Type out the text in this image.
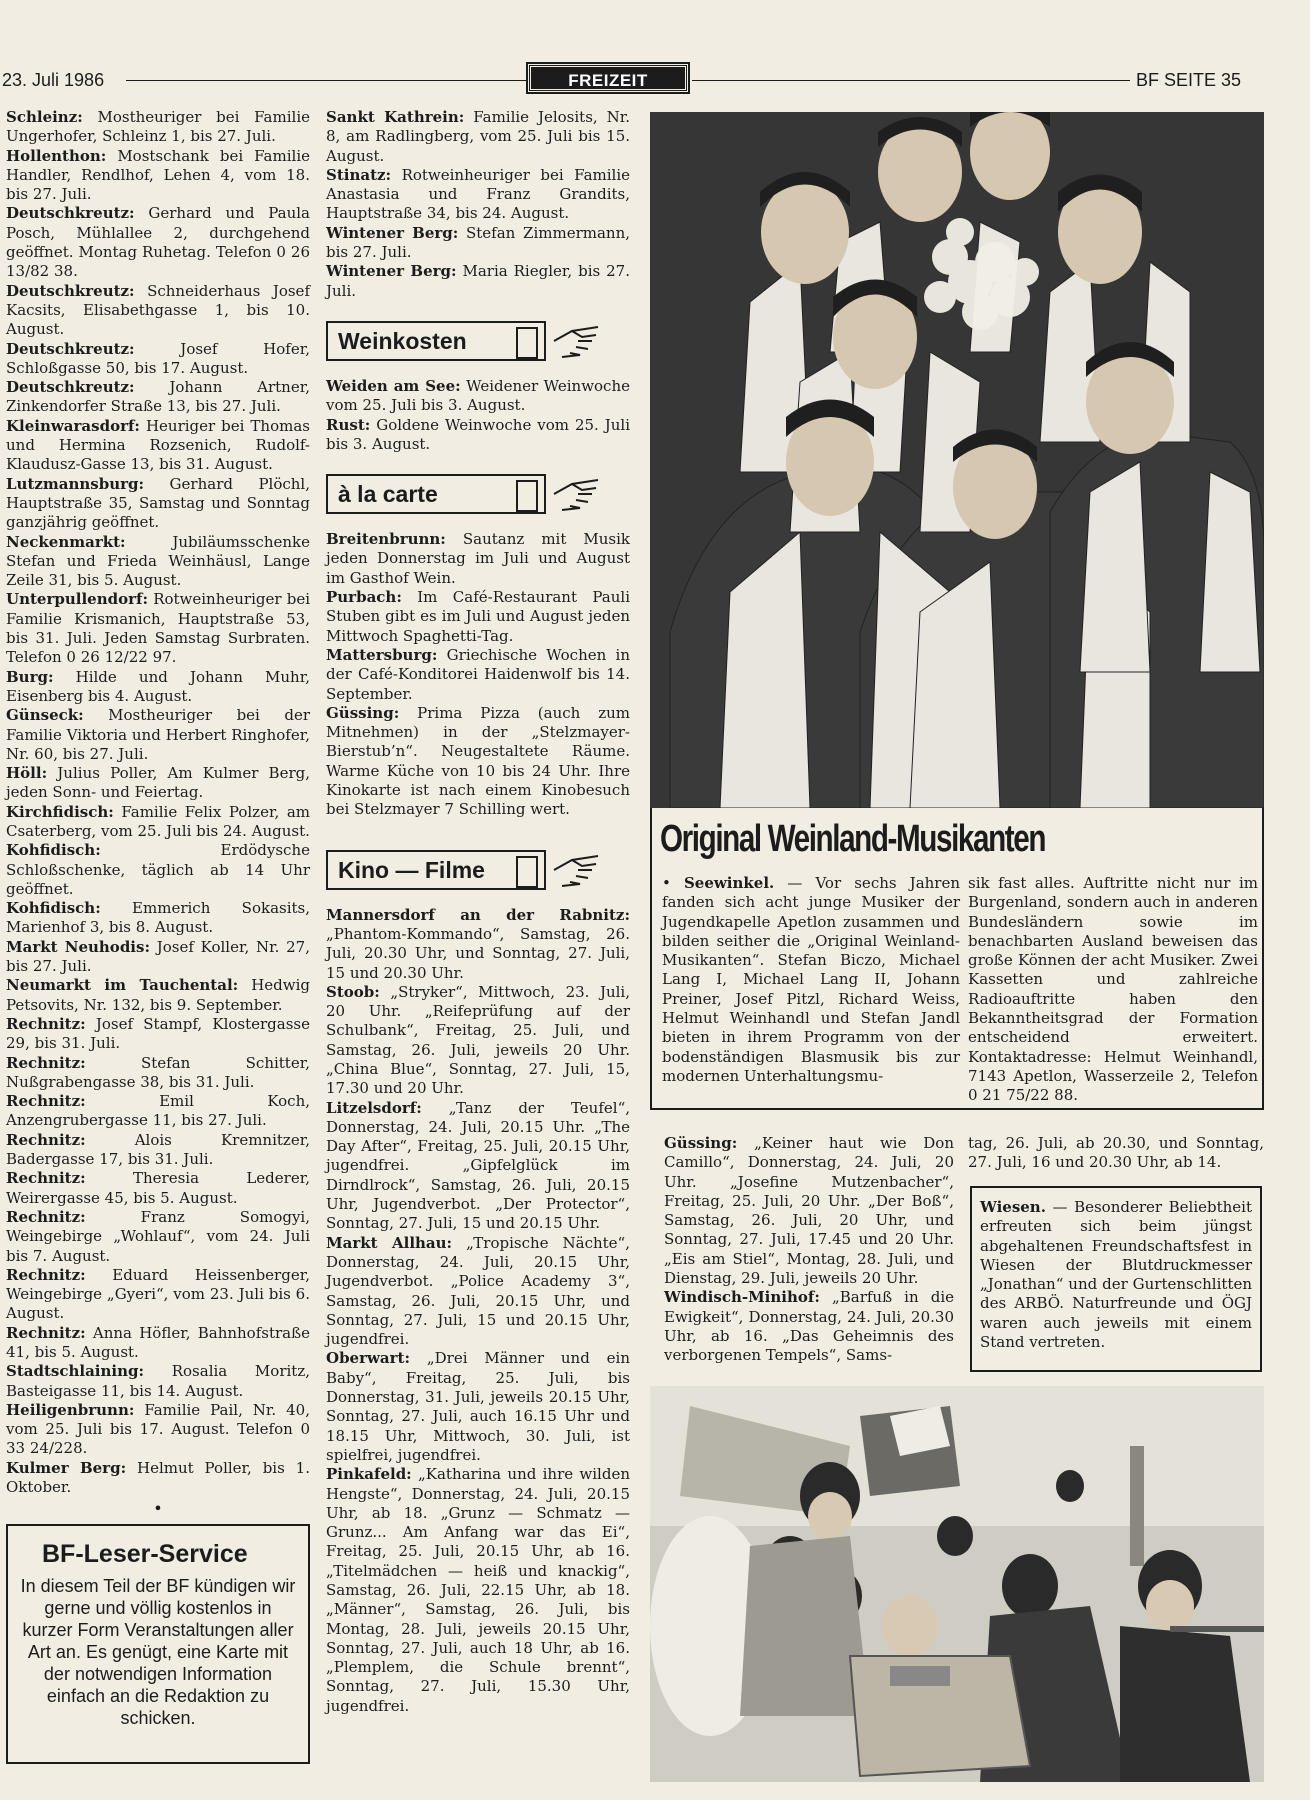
23. Juli 1986	FREIZEIT	BF SEITE 35

Schleinz: Mostheuriger bei Familie Ungerhofer, Schleinz 1, bis 27. Juli.

Hollenthon: Mostschank bei Familie Handler, Rendlhof, Lehen 4, vom 18. bis 27. Juli.

Deutschkreutz: Gerhard und Paula Posch, Mühlallee 2, durchgehend geöffnet. Montag Ruhetag. Telefon 0 26 13/82 38.

Deutschkreutz: Schneiderhaus Josef Kacsits, Elisabethgasse 1, bis 10. August.

Deutschkreutz: Josef Hofer, Schloßgasse 50, bis 17. August.

Deutschkreutz: Johann Artner, Zinkendorfer Straße 13, bis 27. Juli.

Kleinwarasdorf: Heuriger bei Thomas und Hermina Rozsenich, Rudolf-Klaudusz-Gasse 13, bis 31. August.

Lutzmannsburg: Gerhard Plöchl, Hauptstraße 35, Samstag und Sonntag ganzjährig geöffnet.

Neckenmarkt: Jubiläumsschenke Stefan und Frieda Weinhäusl, Lange Zeile 31, bis 5. August.

Unterpullendorf: Rotweinheuriger bei Familie Krismanich, Hauptstraße 53, bis 31. Juli. Jeden Samstag Surbraten. Telefon 0 26 12/22 97.

Burg: Hilde und Johann Muhr, Eisenberg bis 4. August.

Günseck: Mostheuriger bei der Familie Viktoria und Herbert Ringhofer, Nr. 60, bis 27. Juli.

Höll: Julius Poller, Am Kulmer Berg, jeden Sonn- und Feiertag.

Kirchfidisch: Familie Felix Polzer, am Csaterberg, vom 25. Juli bis 24. August.

Kohfidisch: Erdödysche Schloßschenke, täglich ab 14 Uhr geöffnet.

Kohfidisch: Emmerich Sokasits, Marienhof 3, bis 8. August.

Markt Neuhodis: Josef Koller, Nr. 27, bis 27. Juli.

Neumarkt im Tauchental: Hedwig Petsovits, Nr. 132, bis 9. September.

Rechnitz: Josef Stampf, Klostergasse 29, bis 31. Juli.

Rechnitz: Stefan Schitter, Nußgrabengasse 38, bis 31. Juli.

Rechnitz: Emil Koch, Anzengrubergasse 11, bis 27. Juli.

Rechnitz: Alois Kremnitzer, Badergasse 17, bis 31. Juli.

Rechnitz: Theresia Lederer, Weirergasse 45, bis 5. August.

Rechnitz: Franz Somogyi, Weingebirge „Wohlauf“, vom 24. Juli bis 7. August.

Rechnitz: Eduard Heissenberger, Weingebirge „Gyeri“, vom 23. Juli bis 6. August.

Rechnitz: Anna Höfler, Bahnhofstraße 41, bis 5. August.

Stadtschlaining: Rosalia Moritz, Basteigasse 11, bis 14. August.

Heiligenbrunn: Familie Pail, Nr. 40, vom 25. Juli bis 17. August. Telefon 0 33 24/228.

Kulmer Berg: Helmut Poller, bis 1. Oktober.

•
BF-Leser-Service
In diesem Teil der BF kündigen wir gerne und völlig kostenlos in kurzer Form Veranstaltungen aller Art an. Es genügt, eine Karte mit der notwendigen Information einfach an die Redaktion zu schicken.

Sankt Kathrein: Familie Jelosits, Nr. 8, am Radlingberg, vom 25. Juli bis 15. August.

Stinatz: Rotweinheuriger bei Familie Anastasia und Franz Grandits, Hauptstraße 34, bis 24. August.

Wintener Berg: Stefan Zimmermann, bis 27. Juli.

Wintener Berg: Maria Riegler, bis 27. Juli.

Weinkosten

Weiden am See: Weidener Weinwoche vom 25. Juli bis 3. August.

Rust: Goldene Weinwoche vom 25. Juli bis 3. August.

à la carte

Breitenbrunn: Sautanz mit Musik jeden Donnerstag im Juli und August im Gasthof Wein.

Purbach: Im Café-Restaurant Pauli Stuben gibt es im Juli und August jeden Mittwoch Spaghetti-Tag.

Mattersburg: Griechische Wochen in der Café-Konditorei Haidenwolf bis 14. September.

Güssing: Prima Pizza (auch zum Mitnehmen) in der „Stelzmayer-Bierstub’n“. Neugestaltete Räume. Warme Küche von 10 bis 24 Uhr. Ihre Kinokarte ist nach einem Kinobesuch bei Stelzmayer 7 Schilling wert.

Kino — Filme

Mannersdorf an der Rabnitz: „Phantom-Kommando“, Samstag, 26. Juli, 20.30 Uhr, und Sonntag, 27. Juli, 15 und 20.30 Uhr.

Stoob: „Stryker“, Mittwoch, 23. Juli, 20 Uhr. „Reifeprüfung auf der Schulbank“, Freitag, 25. Juli, und Samstag, 26. Juli, jeweils 20 Uhr. „China Blue“, Sonntag, 27. Juli, 15, 17.30 und 20 Uhr.

Litzelsdorf: „Tanz der Teufel“, Donnerstag, 24. Juli, 20.15 Uhr. „The Day After“, Freitag, 25. Juli, 20.15 Uhr, jugendfrei. „Gipfelglück im Dirndlrock“, Samstag, 26. Juli, 20.15 Uhr, Jugendverbot. „Der Protector“, Sonntag, 27. Juli, 15 und 20.15 Uhr.

Markt Allhau: „Tropische Nächte“, Donnerstag, 24. Juli, 20.15 Uhr, Jugendverbot. „Police Academy 3“, Samstag, 26. Juli, 20.15 Uhr, und Sonntag, 27. Juli, 15 und 20.15 Uhr, jugendfrei.

Oberwart: „Drei Männer und ein Baby“, Freitag, 25. Juli, bis Donnerstag, 31. Juli, jeweils 20.15 Uhr, Sonntag, 27. Juli, auch 16.15 Uhr und 18.15 Uhr, Mittwoch, 30. Juli, ist spielfrei, jugendfrei.

Pinkafeld: „Katharina und ihre wilden Hengste“, Donnerstag, 24. Juli, 20.15 Uhr, ab 18. „Grunz — Schmatz — Grunz... Am Anfang war das Ei“, Freitag, 25. Juli, 20.15 Uhr, ab 16. „Titelmädchen — heiß und knackig“, Samstag, 26. Juli, 22.15 Uhr, ab 18. „Männer“, Samstag, 26. Juli, bis Montag, 28. Juli, jeweils 20.15 Uhr, Sonntag, 27. Juli, auch 18 Uhr, ab 16. „Plemplem, die Schule brennt“, Sonntag, 27. Juli, 15.30 Uhr, jugendfrei.

Original Weinland-Musikanten

• Seewinkel. — Vor sechs Jahren fanden sich acht junge Musiker der Jugendkapelle Apetlon zusammen und bilden seither die „Original Weinland-Musikanten“. Stefan Biczo, Michael Lang I, Michael Lang II, Johann Preiner, Josef Pitzl, Richard Weiss, Helmut Weinhandl und Stefan Jandl bieten in ihrem Programm von der bodenständigen Blasmusik bis zur modernen Unterhaltungsmu-

sik fast alles. Auftritte nicht nur im Burgenland, sondern auch in anderen Bundesländern sowie im benachbarten Ausland beweisen das große Können der acht Musiker. Zwei Kassetten und zahlreiche Radioauftritte haben den Bekanntheitsgrad der Formation entscheidend erweitert. Kontaktadresse: Helmut Weinhandl, 7143 Apetlon, Wasserzeile 2, Telefon 0 21 75/22 88.

Güssing: „Keiner haut wie Don Camillo“, Donnerstag, 24. Juli, 20 Uhr. „Josefine Mutzenbacher“, Freitag, 25. Juli, 20 Uhr. „Der Boß“, Samstag, 26. Juli, 20 Uhr, und Sonntag, 27. Juli, 17.45 und 20 Uhr. „Eis am Stiel“, Montag, 28. Juli, und Dienstag, 29. Juli, jeweils 20 Uhr.

Windisch-Minihof: „Barfuß in die Ewigkeit“, Donnerstag, 24. Juli, 20.30 Uhr, ab 16. „Das Geheimnis des verborgenen Tempels“, Sams-

tag, 26. Juli, ab 20.30, und Sonntag, 27. Juli, 16 und 20.30 Uhr, ab 14.

Wiesen. — Besonderer Beliebtheit erfreuten sich beim jüngst abgehaltenen Freundschaftsfest in Wiesen der Blutdruckmesser „Jonathan“ und der Gurtenschlitten des ARBÖ. Naturfreunde und ÖGJ waren auch jeweils mit einem Stand vertreten.
